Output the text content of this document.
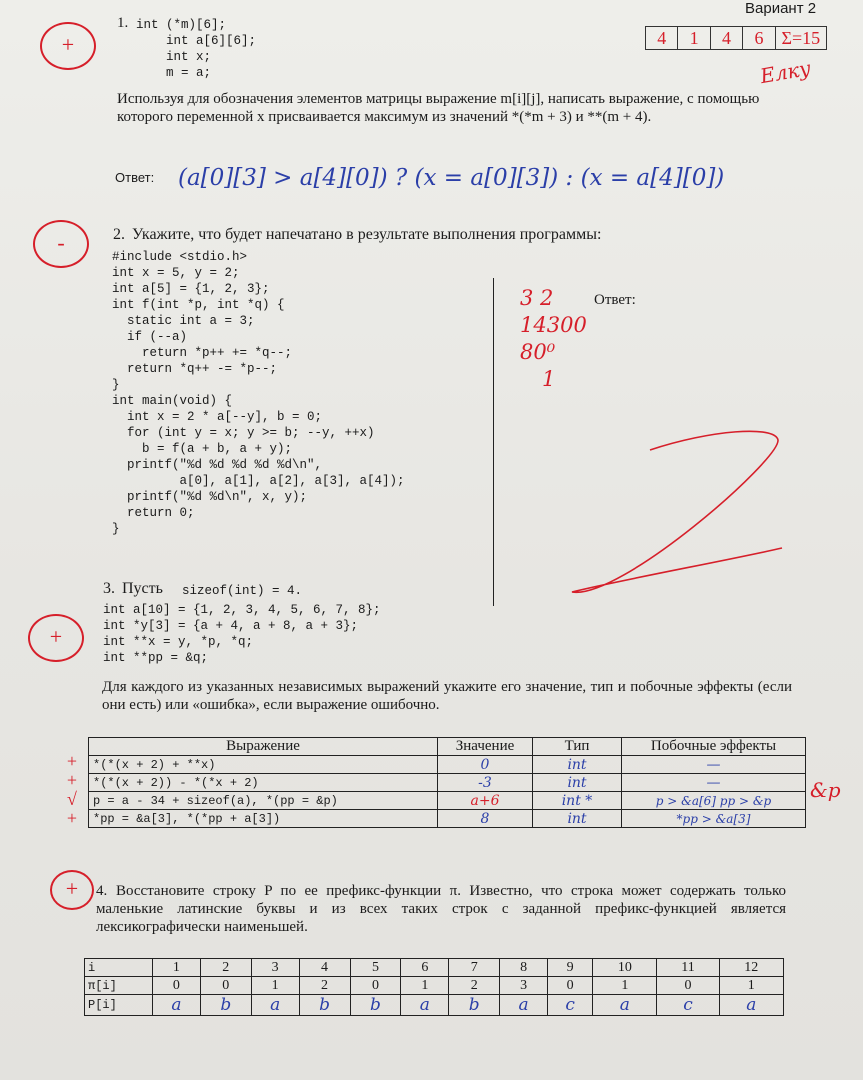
Вариант 2
4	1	4	6	Σ=15
Елку
+
-
+
+
1. int (*m)[6];
int a[6][6];
int x;
m = a;
Используя для обозначения элементов матрицы выражение m[i][j], написать выражение, с помощью которого переменной x присваивается максимум из значений *(*m + 3) и **(m + 4).
Ответ: (a[0][3] > a[4][0]) ? (x = a[0][3]) : (x = a[4][0])
2. Укажите, что будет напечатано в результате выполнения программы:
#include <stdio.h>
int x = 5, y = 2;
int a[5] = {1, 2, 3};
int f(int *p, int *q) {
static int a = 3;
if (--a)
return *p++ += *q--;
return *q++ -= *p--;
}
int main(void) {
int x = 2 * a[--y], b = 0;
for (int y = x; y >= b; --y, ++x)
b = f(a + b, a + y);
printf("%d %d %d %d %d\n",
a[0], a[1], a[2], a[3], a[4]);
printf("%d %d\n", x, y);
return 0;
}
Ответ:
3 2
14300
80⁰
1
3. Пусть sizeof(int) = 4.
int a[10] = {1, 2, 3, 4, 5, 6, 7, 8};
int *y[3] = {a + 4, a + 8, a + 3};
int **x = y, *p, *q;
int **pp = &q;
Для каждого из указанных независимых выражений укажите его значение, тип и побочные эффекты (если они есть) или «ошибка», если выражение ошибочно.
+
+
√
+
Выражение	Значение	Тип	Побочные эффекты
*(*(x + 2) + **x)	0	int	—
*(*(x + 2)) - *(*x + 2)	-3	int	—
p = a - 34 + sizeof(a), *(pp = &p)	a+6	int *	p > &a[6] pp > &p
*pp = &a[3], *(*pp + a[3])	8	int	*pp > &a[3]
&p
4. Восстановите строку P по ее префикс-функции π. Известно, что строка может содержать только маленькие латинские буквы и из всех таких строк с заданной префикс-функцией является лексикографически наименьшей.
i	1	2	3	4	5	6	7	8	9	10	11	12
π[i]	0	0	1	2	0	1	2	3	0	1	0	1
P[i]	a	b	a	b	b	a	b	a	c	a	c	a
